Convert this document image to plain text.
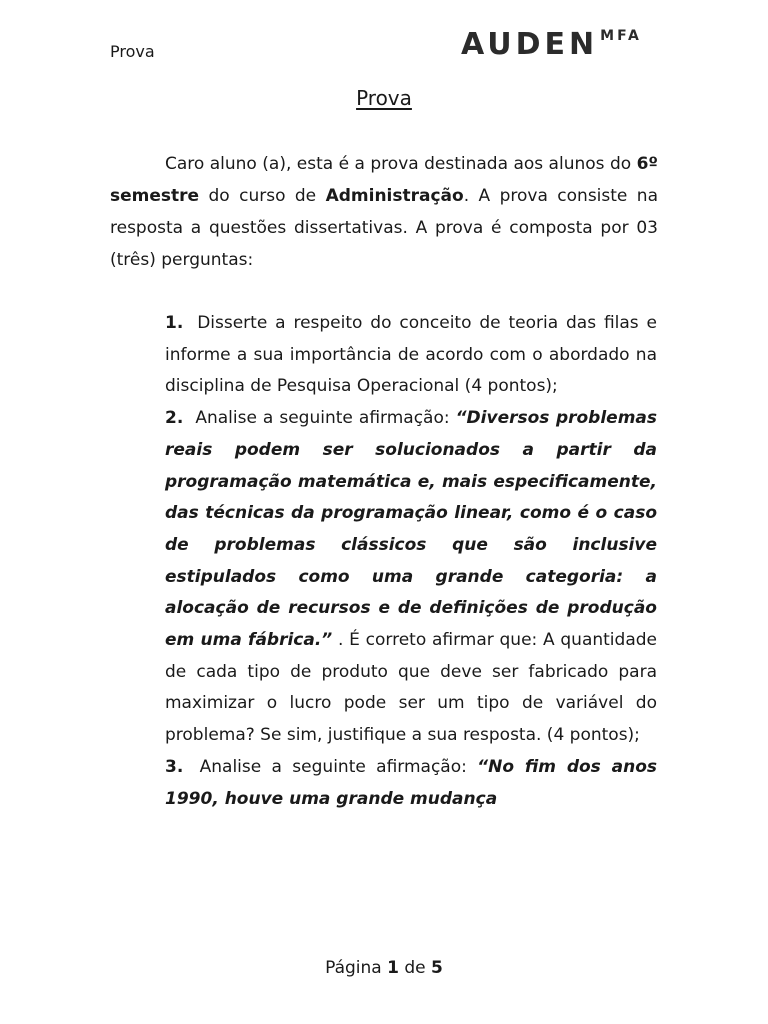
Prova	AUDEN MFA
Prova

Caro aluno (a), esta é a prova destinada aos alunos do 6º semestre do curso de Administração. A prova consiste na resposta a questões dissertativas. A prova é composta por 03 (três) perguntas:

1. Disserte a respeito do conceito de teoria das filas e informe a sua importância de acordo com o abordado na disciplina de Pesquisa Operacional (4 pontos);
2. Analise a seguinte afirmação: “Diversos problemas reais podem ser solucionados a partir da programação matemática e, mais especificamente, das técnicas da programação linear, como é o caso de problemas clássicos que são inclusive estipulados como uma grande categoria: a alocação de recursos e de definições de produção em uma fábrica.” . É correto afirmar que: A quantidade de cada tipo de produto que deve ser fabricado para maximizar o lucro pode ser um tipo de variável do problema? Se sim, justifique a sua resposta. (4 pontos);
3. Analise a seguinte afirmação: “No fim dos anos 1990, houve uma grande mudança
Página 1 de 5
